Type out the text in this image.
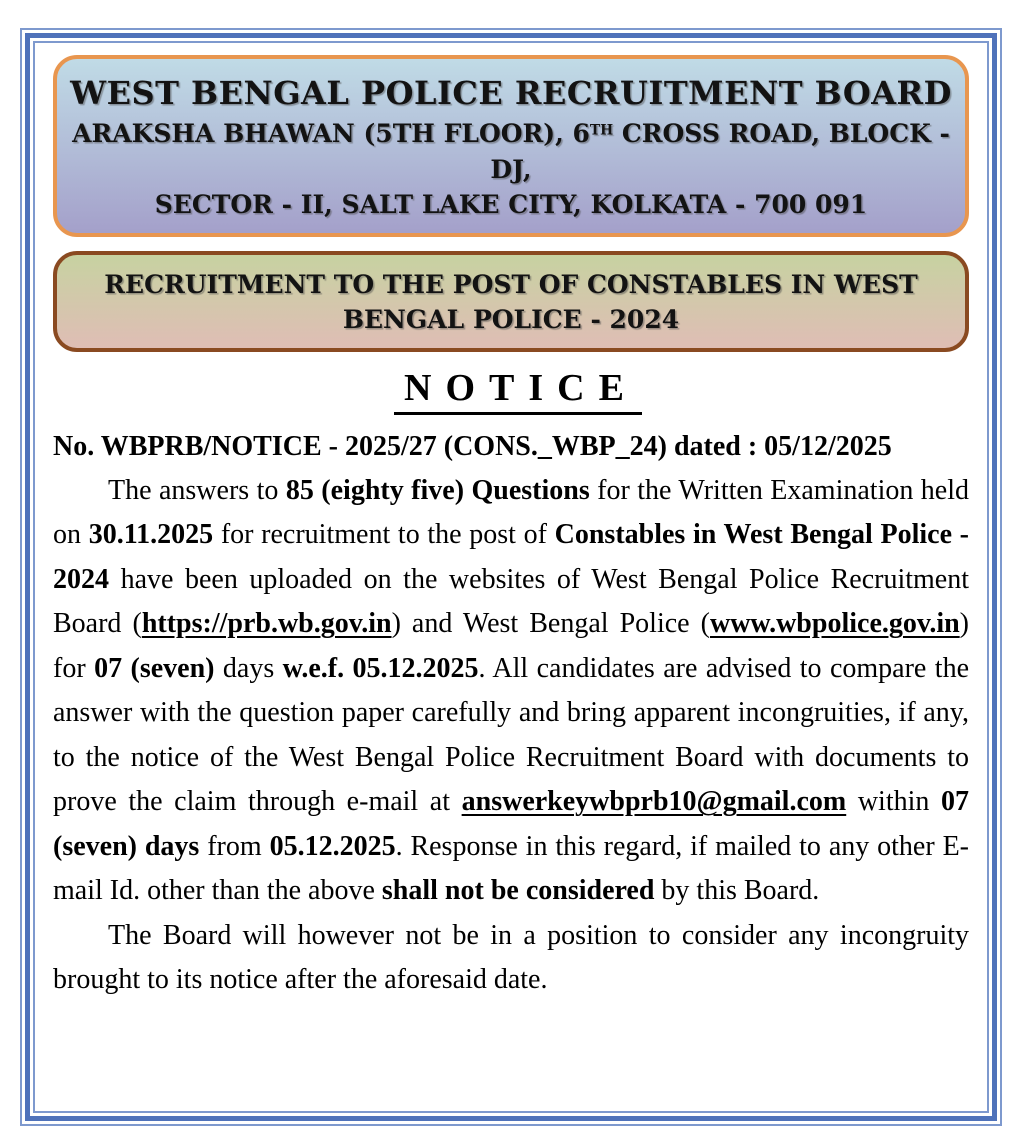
WEST BENGAL POLICE RECRUITMENT BOARD
ARAKSHA BHAWAN (5TH FLOOR), 6TH CROSS ROAD, BLOCK - DJ,
SECTOR - II, SALT LAKE CITY, KOLKATA - 700 091
RECRUITMENT TO THE POST OF CONSTABLES IN WEST BENGAL POLICE - 2024
NOTICE

No. WBPRB/NOTICE - 2025/27 (CONS._WBP_24) dated : 05/12/2025

The answers to 85 (eighty five) Questions for the Written Examination held on 30.11.2025 for recruitment to the post of Constables in West Bengal Police - 2024 have been uploaded on the websites of West Bengal Police Recruitment Board (https://prb.wb.gov.in) and West Bengal Police (www.wbpolice.gov.in) for 07 (seven) days w.e.f. 05.12.2025. All candidates are advised to compare the answer with the question paper carefully and bring apparent incongruities, if any, to the notice of the West Bengal Police Recruitment Board with documents to prove the claim through e-mail at answerkeywbprb10@gmail.com within 07 (seven) days from 05.12.2025. Response in this regard, if mailed to any other E-mail Id. other than the above shall not be considered by this Board.

The Board will however not be in a position to consider any incongruity brought to its notice after the aforesaid date.
